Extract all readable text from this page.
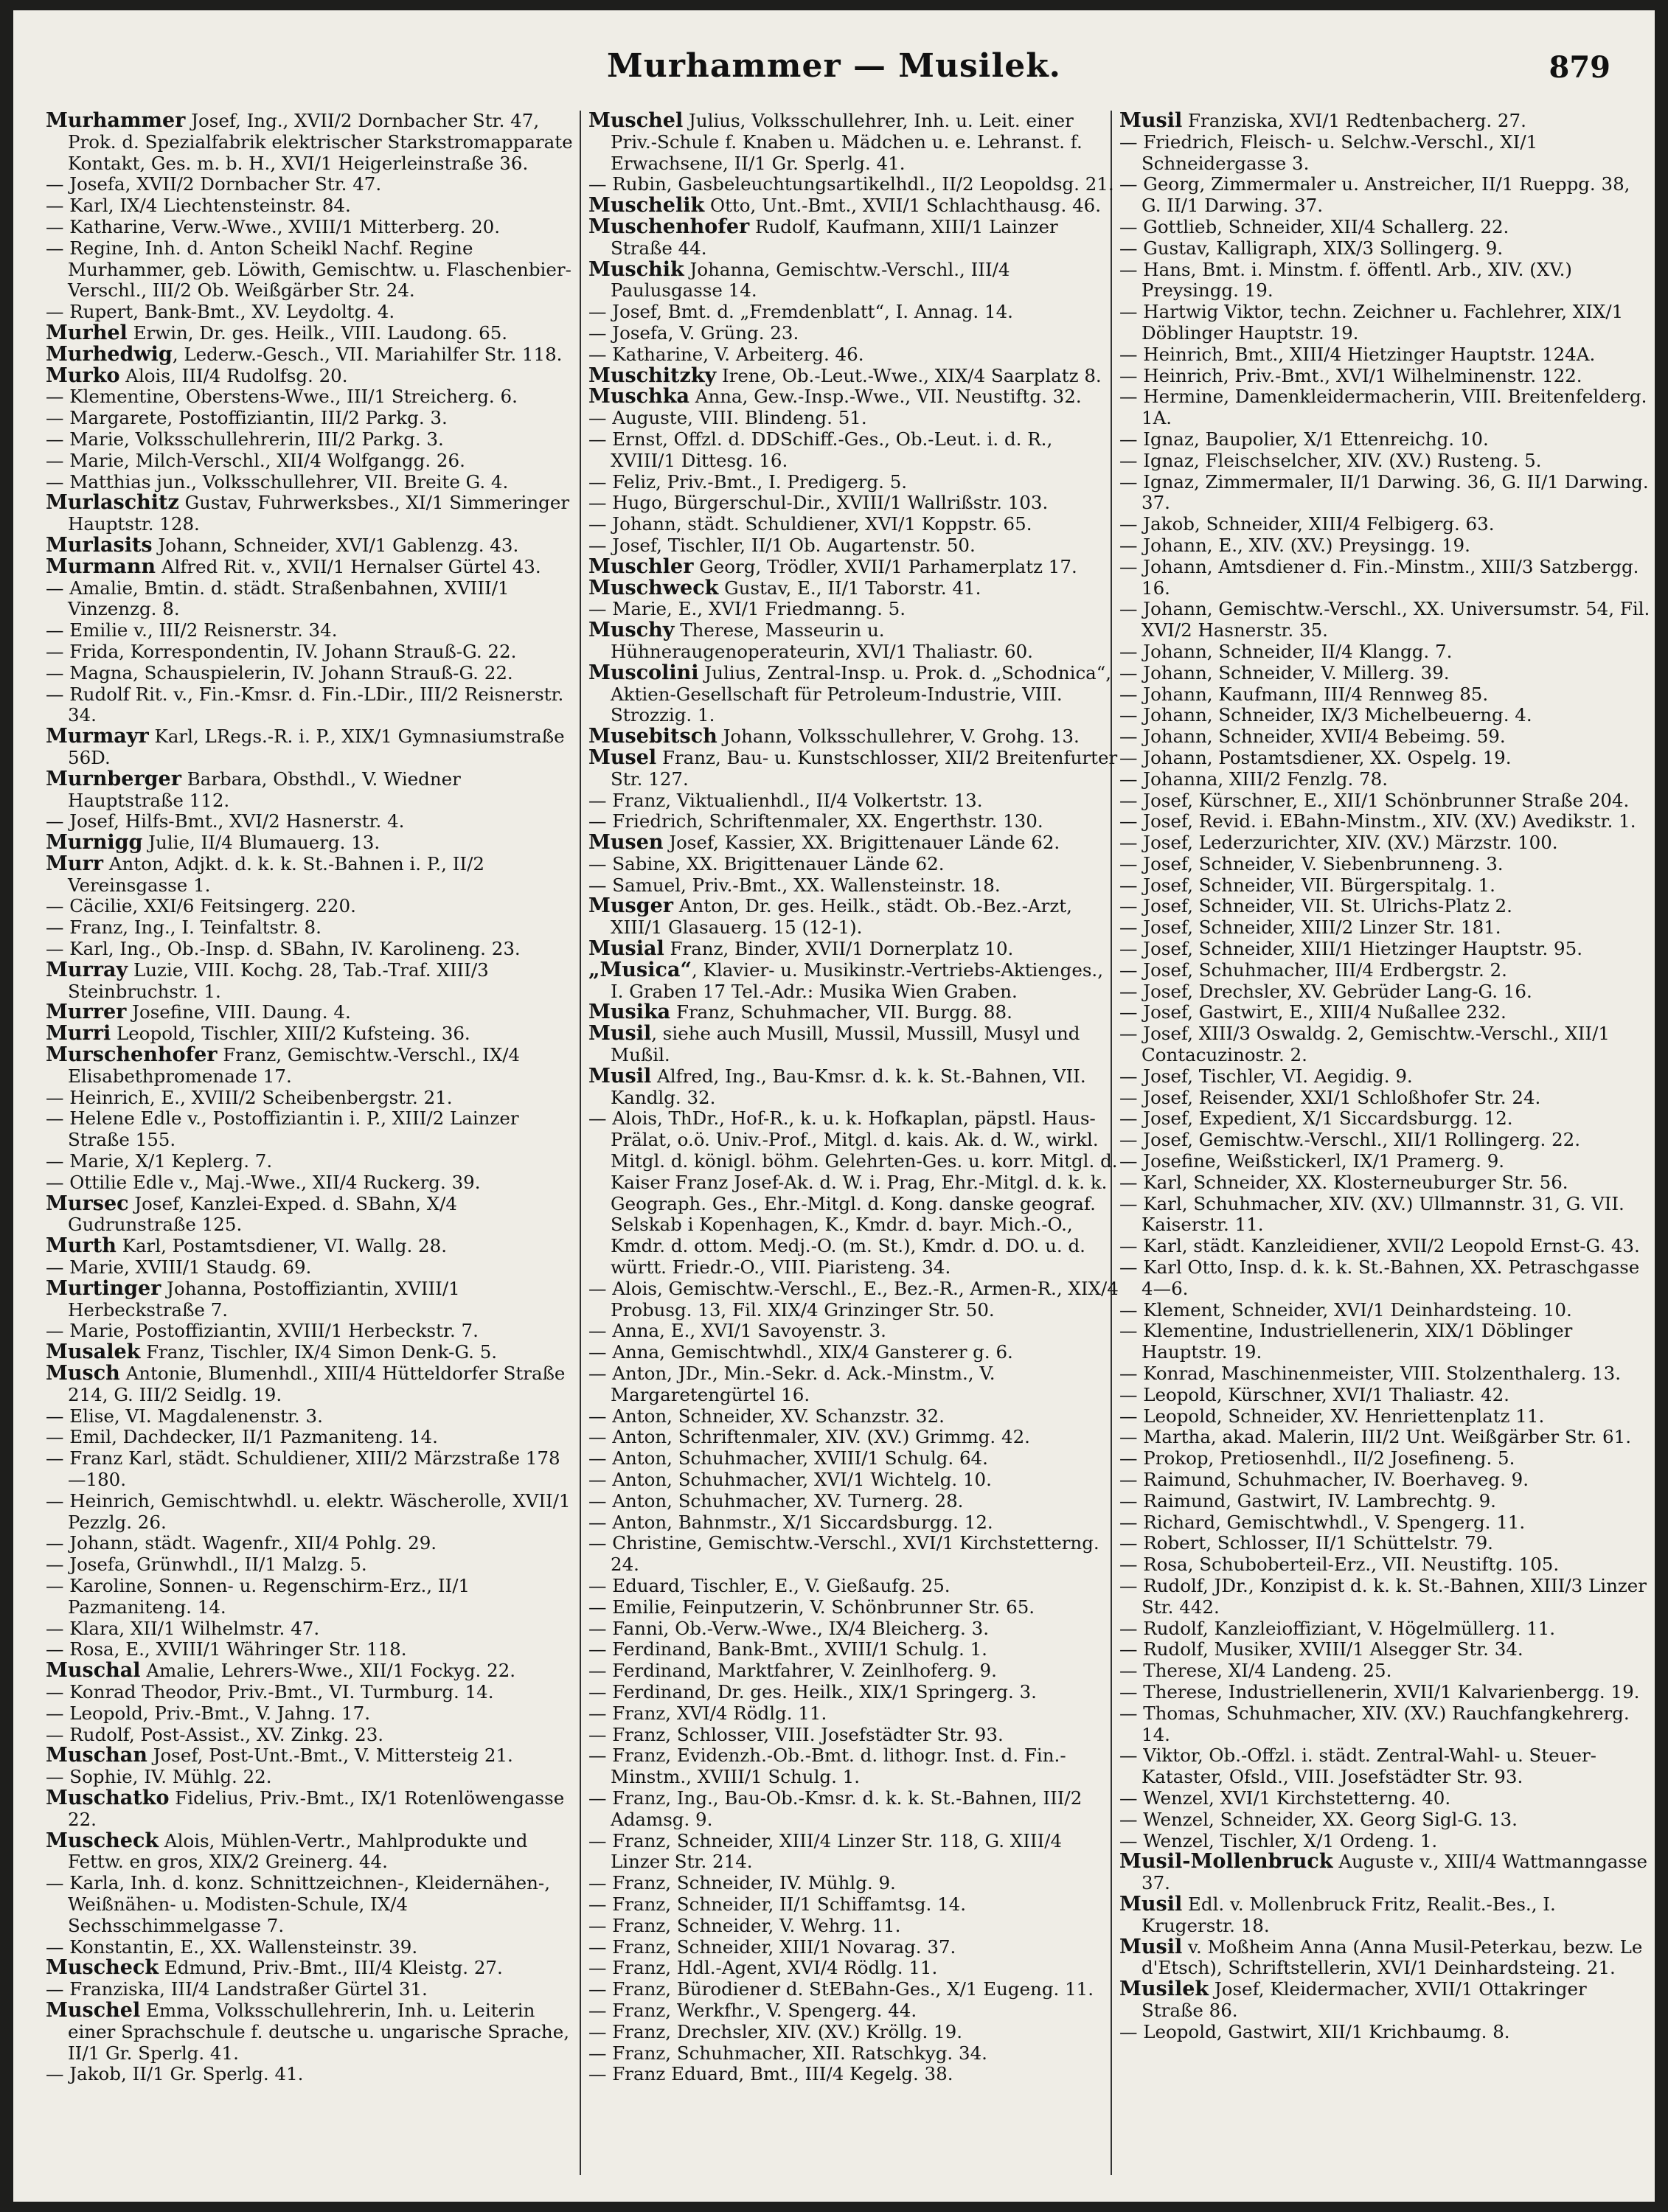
Murhammer — Musilek.	879
Murhammer Josef, Ing., XVII/2 Dornbacher Str. 47, Prok. d. Spezialfabrik elektrischer Starkstromapparate Kontakt, Ges. m. b. H., XVI/1 Heigerleinstraße 36.
— Josefa, XVII/2 Dornbacher Str. 47.
— Karl, IX/4 Liechtensteinstr. 84.
— Katharine, Verw.-Wwe., XVIII/1 Mitterberg. 20.
— Regine, Inh. d. Anton Scheikl Nachf. Regine Murhammer, geb. Löwith, Gemischtw. u. Flaschenbier-Verschl., III/2 Ob. Weißgärber Str. 24.
— Rupert, Bank-Bmt., XV. Leydoltg. 4.
Murhel Erwin, Dr. ges. Heilk., VIII. Laudong. 65.
Murhedwig, Lederw.-Gesch., VII. Mariahilfer Str. 118.
Murko Alois, III/4 Rudolfsg. 20.
— Klementine, Oberstens-Wwe., III/1 Streicherg. 6.
— Margarete, Postoffiziantin, III/2 Parkg. 3.
— Marie, Volksschullehrerin, III/2 Parkg. 3.
— Marie, Milch-Verschl., XII/4 Wolfgangg. 26.
— Matthias jun., Volksschullehrer, VII. Breite G. 4.
Murlaschitz Gustav, Fuhrwerksbes., XI/1 Simmeringer Hauptstr. 128.
Murlasits Johann, Schneider, XVI/1 Gablenzg. 43.
Murmann Alfred Rit. v., XVII/1 Hernalser Gürtel 43.
— Amalie, Bmtin. d. städt. Straßenbahnen, XVIII/1 Vinzenzg. 8.
— Emilie v., III/2 Reisnerstr. 34.
— Frida, Korrespondentin, IV. Johann Strauß-G. 22.
— Magna, Schauspielerin, IV. Johann Strauß-G. 22.
— Rudolf Rit. v., Fin.-Kmsr. d. Fin.-LDir., III/2 Reisnerstr. 34.
Murmayr Karl, LRegs.-R. i. P., XIX/1 Gymnasiumstraße 56D.
Murnberger Barbara, Obsthdl., V. Wiedner Hauptstraße 112.
— Josef, Hilfs-Bmt., XVI/2 Hasnerstr. 4.
Murnigg Julie, II/4 Blumauerg. 13.
Murr Anton, Adjkt. d. k. k. St.-Bahnen i. P., II/2 Vereinsgasse 1.
— Cäcilie, XXI/6 Feitsingerg. 220.
— Franz, Ing., I. Teinfaltstr. 8.
— Karl, Ing., Ob.-Insp. d. SBahn, IV. Karolineng. 23.
Murray Luzie, VIII. Kochg. 28, Tab.-Traf. XIII/3 Steinbruchstr. 1.
Murrer Josefine, VIII. Daung. 4.
Murri Leopold, Tischler, XIII/2 Kufsteing. 36.
Murschenhofer Franz, Gemischtw.-Verschl., IX/4 Elisabethpromenade 17.
— Heinrich, E., XVIII/2 Scheibenbergstr. 21.
— Helene Edle v., Postoffiziantin i. P., XIII/2 Lainzer Straße 155.
— Marie, X/1 Keplerg. 7.
— Ottilie Edle v., Maj.-Wwe., XII/4 Ruckerg. 39.
Mursec Josef, Kanzlei-Exped. d. SBahn, X/4 Gudrunstraße 125.
Murth Karl, Postamtsdiener, VI. Wallg. 28.
— Marie, XVIII/1 Staudg. 69.
Murtinger Johanna, Postoffiziantin, XVIII/1 Herbeckstraße 7.
— Marie, Postoffiziantin, XVIII/1 Herbeckstr. 7.
Musalek Franz, Tischler, IX/4 Simon Denk-G. 5.
Musch Antonie, Blumenhdl., XIII/4 Hütteldorfer Straße 214, G. III/2 Seidlg. 19.
— Elise, VI. Magdalenenstr. 3.
— Emil, Dachdecker, II/1 Pazmaniteng. 14.
— Franz Karl, städt. Schuldiener, XIII/2 Märzstraße 178—180.
— Heinrich, Gemischtwhdl. u. elektr. Wäscherolle, XVII/1 Pezzlg. 26.
— Johann, städt. Wagenfr., XII/4 Pohlg. 29.
— Josefa, Grünwhdl., II/1 Malzg. 5.
— Karoline, Sonnen- u. Regenschirm-Erz., II/1 Pazmaniteng. 14.
— Klara, XII/1 Wilhelmstr. 47.
— Rosa, E., XVIII/1 Währinger Str. 118.
Muschal Amalie, Lehrers-Wwe., XII/1 Fockyg. 22.
— Konrad Theodor, Priv.-Bmt., VI. Turmburg. 14.
— Leopold, Priv.-Bmt., V. Jahng. 17.
— Rudolf, Post-Assist., XV. Zinkg. 23.
Muschan Josef, Post-Unt.-Bmt., V. Mittersteig 21.
— Sophie, IV. Mühlg. 22.
Muschatko Fidelius, Priv.-Bmt., IX/1 Rotenlöwengasse 22.
Muscheck Alois, Mühlen-Vertr., Mahlprodukte und Fettw. en gros, XIX/2 Greinerg. 44.
— Karla, Inh. d. konz. Schnittzeichnen-, Kleidernähen-, Weißnähen- u. Modisten-Schule, IX/4 Sechsschimmelgasse 7.
— Konstantin, E., XX. Wallensteinstr. 39.
Muscheck Edmund, Priv.-Bmt., III/4 Kleistg. 27.
— Franziska, III/4 Landstraßer Gürtel 31.
Muschel Emma, Volksschullehrerin, Inh. u. Leiterin einer Sprachschule f. deutsche u. ungarische Sprache, II/1 Gr. Sperlg. 41.
— Jakob, II/1 Gr. Sperlg. 41.
Muschel Julius, Volksschullehrer, Inh. u. Leit. einer Priv.-Schule f. Knaben u. Mädchen u. e. Lehranst. f. Erwachsene, II/1 Gr. Sperlg. 41.
— Rubin, Gasbeleuchtungsartikelhdl., II/2 Leopoldsg. 21.
Muschelik Otto, Unt.-Bmt., XVII/1 Schlachthausg. 46.
Muschenhofer Rudolf, Kaufmann, XIII/1 Lainzer Straße 44.
Muschik Johanna, Gemischtw.-Verschl., III/4 Paulusgasse 14.
— Josef, Bmt. d. „Fremdenblatt“, I. Annag. 14.
— Josefa, V. Grüng. 23.
— Katharine, V. Arbeiterg. 46.
Muschitzky Irene, Ob.-Leut.-Wwe., XIX/4 Saarplatz 8.
Muschka Anna, Gew.-Insp.-Wwe., VII. Neustiftg. 32.
— Auguste, VIII. Blindeng. 51.
— Ernst, Offzl. d. DDSchiff.-Ges., Ob.-Leut. i. d. R., XVIII/1 Dittesg. 16.
— Feliz, Priv.-Bmt., I. Predigerg. 5.
— Hugo, Bürgerschul-Dir., XVIII/1 Wallrißstr. 103.
— Johann, städt. Schuldiener, XVI/1 Koppstr. 65.
— Josef, Tischler, II/1 Ob. Augartenstr. 50.
Muschler Georg, Trödler, XVII/1 Parhamerplatz 17.
Muschweck Gustav, E., II/1 Taborstr. 41.
— Marie, E., XVI/1 Friedmanng. 5.
Muschy Therese, Masseurin u. Hühneraugenoperateurin, XVI/1 Thaliastr. 60.
Muscolini Julius, Zentral-Insp. u. Prok. d. „Schodnica“, Aktien-Gesellschaft für Petroleum-Industrie, VIII. Strozzig. 1.
Musebitsch Johann, Volksschullehrer, V. Grohg. 13.
Musel Franz, Bau- u. Kunstschlosser, XII/2 Breitenfurter Str. 127.
— Franz, Viktualienhdl., II/4 Volkertstr. 13.
— Friedrich, Schriftenmaler, XX. Engerthstr. 130.
Musen Josef, Kassier, XX. Brigittenauer Lände 62.
— Sabine, XX. Brigittenauer Lände 62.
— Samuel, Priv.-Bmt., XX. Wallensteinstr. 18.
Musger Anton, Dr. ges. Heilk., städt. Ob.-Bez.-Arzt, XIII/1 Glasauerg. 15 (12-1).
Musial Franz, Binder, XVII/1 Dornerplatz 10.
„Musica“, Klavier- u. Musikinstr.-Vertriebs-Aktienges., I. Graben 17 Tel.-Adr.: Musika Wien Graben.
Musika Franz, Schuhmacher, VII. Burgg. 88.
Musil, siehe auch Musill, Mussil, Mussill, Musyl und Mußil.
Musil Alfred, Ing., Bau-Kmsr. d. k. k. St.-Bahnen, VII. Kandlg. 32.
— Alois, ThDr., Hof-R., k. u. k. Hofkaplan, päpstl. Haus-Prälat, o.ö. Univ.-Prof., Mitgl. d. kais. Ak. d. W., wirkl. Mitgl. d. königl. böhm. Gelehrten-Ges. u. korr. Mitgl. d. Kaiser Franz Josef-Ak. d. W. i. Prag, Ehr.-Mitgl. d. k. k. Geograph. Ges., Ehr.-Mitgl. d. Kong. danske geograf. Selskab i Kopenhagen, K., Kmdr. d. bayr. Mich.-O., Kmdr. d. ottom. Medj.-O. (m. St.), Kmdr. d. DO. u. d. württ. Friedr.-O., VIII. Piaristeng. 34.
— Alois, Gemischtw.-Verschl., E., Bez.-R., Armen-R., XIX/4 Probusg. 13, Fil. XIX/4 Grinzinger Str. 50.
— Anna, E., XVI/1 Savoyenstr. 3.
— Anna, Gemischtwhdl., XIX/4 Gansterer g. 6.
— Anton, JDr., Min.-Sekr. d. Ack.-Minstm., V. Margaretengürtel 16.
— Anton, Schneider, XV. Schanzstr. 32.
— Anton, Schriftenmaler, XIV. (XV.) Grimmg. 42.
— Anton, Schuhmacher, XVIII/1 Schulg. 64.
— Anton, Schuhmacher, XVI/1 Wichtelg. 10.
— Anton, Schuhmacher, XV. Turnerg. 28.
— Anton, Bahnmstr., X/1 Siccardsburgg. 12.
— Christine, Gemischtw.-Verschl., XVI/1 Kirchstetterng. 24.
— Eduard, Tischler, E., V. Gießaufg. 25.
— Emilie, Feinputzerin, V. Schönbrunner Str. 65.
— Fanni, Ob.-Verw.-Wwe., IX/4 Bleicherg. 3.
— Ferdinand, Bank-Bmt., XVIII/1 Schulg. 1.
— Ferdinand, Marktfahrer, V. Zeinlhoferg. 9.
— Ferdinand, Dr. ges. Heilk., XIX/1 Springerg. 3.
— Franz, XVI/4 Rödlg. 11.
— Franz, Schlosser, VIII. Josefstädter Str. 93.
— Franz, Evidenzh.-Ob.-Bmt. d. lithogr. Inst. d. Fin.-Minstm., XVIII/1 Schulg. 1.
— Franz, Ing., Bau-Ob.-Kmsr. d. k. k. St.-Bahnen, III/2 Adamsg. 9.
— Franz, Schneider, XIII/4 Linzer Str. 118, G. XIII/4 Linzer Str. 214.
— Franz, Schneider, IV. Mühlg. 9.
— Franz, Schneider, II/1 Schiffamtsg. 14.
— Franz, Schneider, V. Wehrg. 11.
— Franz, Schneider, XIII/1 Novarag. 37.
— Franz, Hdl.-Agent, XVI/4 Rödlg. 11.
— Franz, Bürodiener d. StEBahn-Ges., X/1 Eugeng. 11.
— Franz, Werkfhr., V. Spengerg. 44.
— Franz, Drechsler, XIV. (XV.) Kröllg. 19.
— Franz, Schuhmacher, XII. Ratschkyg. 34.
— Franz Eduard, Bmt., III/4 Kegelg. 38.
Musil Franziska, XVI/1 Redtenbacherg. 27.
— Friedrich, Fleisch- u. Selchw.-Verschl., XI/1 Schneidergasse 3.
— Georg, Zimmermaler u. Anstreicher, II/1 Rueppg. 38, G. II/1 Darwing. 37.
— Gottlieb, Schneider, XII/4 Schallerg. 22.
— Gustav, Kalligraph, XIX/3 Sollingerg. 9.
— Hans, Bmt. i. Minstm. f. öffentl. Arb., XIV. (XV.) Preysingg. 19.
— Hartwig Viktor, techn. Zeichner u. Fachlehrer, XIX/1 Döblinger Hauptstr. 19.
— Heinrich, Bmt., XIII/4 Hietzinger Hauptstr. 124A.
— Heinrich, Priv.-Bmt., XVI/1 Wilhelminenstr. 122.
— Hermine, Damenkleidermacherin, VIII. Breitenfelderg. 1A.
— Ignaz, Baupolier, X/1 Ettenreichg. 10.
— Ignaz, Fleischselcher, XIV. (XV.) Rusteng. 5.
— Ignaz, Zimmermaler, II/1 Darwing. 36, G. II/1 Darwing. 37.
— Jakob, Schneider, XIII/4 Felbigerg. 63.
— Johann, E., XIV. (XV.) Preysingg. 19.
— Johann, Amtsdiener d. Fin.-Minstm., XIII/3 Satzbergg. 16.
— Johann, Gemischtw.-Verschl., XX. Universumstr. 54, Fil. XVI/2 Hasnerstr. 35.
— Johann, Schneider, II/4 Klangg. 7.
— Johann, Schneider, V. Millerg. 39.
— Johann, Kaufmann, III/4 Rennweg 85.
— Johann, Schneider, IX/3 Michelbeuerng. 4.
— Johann, Schneider, XVII/4 Bebeimg. 59.
— Johann, Postamtsdiener, XX. Ospelg. 19.
— Johanna, XIII/2 Fenzlg. 78.
— Josef, Kürschner, E., XII/1 Schönbrunner Straße 204.
— Josef, Revid. i. EBahn-Minstm., XIV. (XV.) Avedikstr. 1.
— Josef, Lederzurichter, XIV. (XV.) Märzstr. 100.
— Josef, Schneider, V. Siebenbrunneng. 3.
— Josef, Schneider, VII. Bürgerspitalg. 1.
— Josef, Schneider, VII. St. Ulrichs-Platz 2.
— Josef, Schneider, XIII/2 Linzer Str. 181.
— Josef, Schneider, XIII/1 Hietzinger Hauptstr. 95.
— Josef, Schuhmacher, III/4 Erdbergstr. 2.
— Josef, Drechsler, XV. Gebrüder Lang-G. 16.
— Josef, Gastwirt, E., XIII/4 Nußallee 232.
— Josef, XIII/3 Oswaldg. 2, Gemischtw.-Verschl., XII/1 Contacuzinostr. 2.
— Josef, Tischler, VI. Aegidig. 9.
— Josef, Reisender, XXI/1 Schloßhofer Str. 24.
— Josef, Expedient, X/1 Siccardsburgg. 12.
— Josef, Gemischtw.-Verschl., XII/1 Rollingerg. 22.
— Josefine, Weißstickerl, IX/1 Pramerg. 9.
— Karl, Schneider, XX. Klosterneuburger Str. 56.
— Karl, Schuhmacher, XIV. (XV.) Ullmannstr. 31, G. VII. Kaiserstr. 11.
— Karl, städt. Kanzleidiener, XVII/2 Leopold Ernst-G. 43.
— Karl Otto, Insp. d. k. k. St.-Bahnen, XX. Petraschgasse 4—6.
— Klement, Schneider, XVI/1 Deinhardsteing. 10.
— Klementine, Industriellenerin, XIX/1 Döblinger Hauptstr. 19.
— Konrad, Maschinenmeister, VIII. Stolzenthalerg. 13.
— Leopold, Kürschner, XVI/1 Thaliastr. 42.
— Leopold, Schneider, XV. Henriettenplatz 11.
— Martha, akad. Malerin, III/2 Unt. Weißgärber Str. 61.
— Prokop, Pretiosenhdl., II/2 Josefineng. 5.
— Raimund, Schuhmacher, IV. Boerhaveg. 9.
— Raimund, Gastwirt, IV. Lambrechtg. 9.
— Richard, Gemischtwhdl., V. Spengerg. 11.
— Robert, Schlosser, II/1 Schüttelstr. 79.
— Rosa, Schuboberteil-Erz., VII. Neustiftg. 105.
— Rudolf, JDr., Konzipist d. k. k. St.-Bahnen, XIII/3 Linzer Str. 442.
— Rudolf, Kanzleioffiziant, V. Högelmüllerg. 11.
— Rudolf, Musiker, XVIII/1 Alsegger Str. 34.
— Therese, XI/4 Landeng. 25.
— Therese, Industriellenerin, XVII/1 Kalvarienbergg. 19.
— Thomas, Schuhmacher, XIV. (XV.) Rauchfangkehrerg. 14.
— Viktor, Ob.-Offzl. i. städt. Zentral-Wahl- u. Steuer-Kataster, Ofsld., VIII. Josefstädter Str. 93.
— Wenzel, XVI/1 Kirchstetterng. 40.
— Wenzel, Schneider, XX. Georg Sigl-G. 13.
— Wenzel, Tischler, X/1 Ordeng. 1.
Musil-Mollenbruck Auguste v., XIII/4 Wattmanngasse 37.
Musil Edl. v. Mollenbruck Fritz, Realit.-Bes., I. Krugerstr. 18.
Musil v. Moßheim Anna (Anna Musil-Peterkau, bezw. Le d'Etsch), Schriftstellerin, XVI/1 Deinhardsteing. 21.
Musilek Josef, Kleidermacher, XVII/1 Ottakringer Straße 86.
— Leopold, Gastwirt, XII/1 Krichbaumg. 8.
